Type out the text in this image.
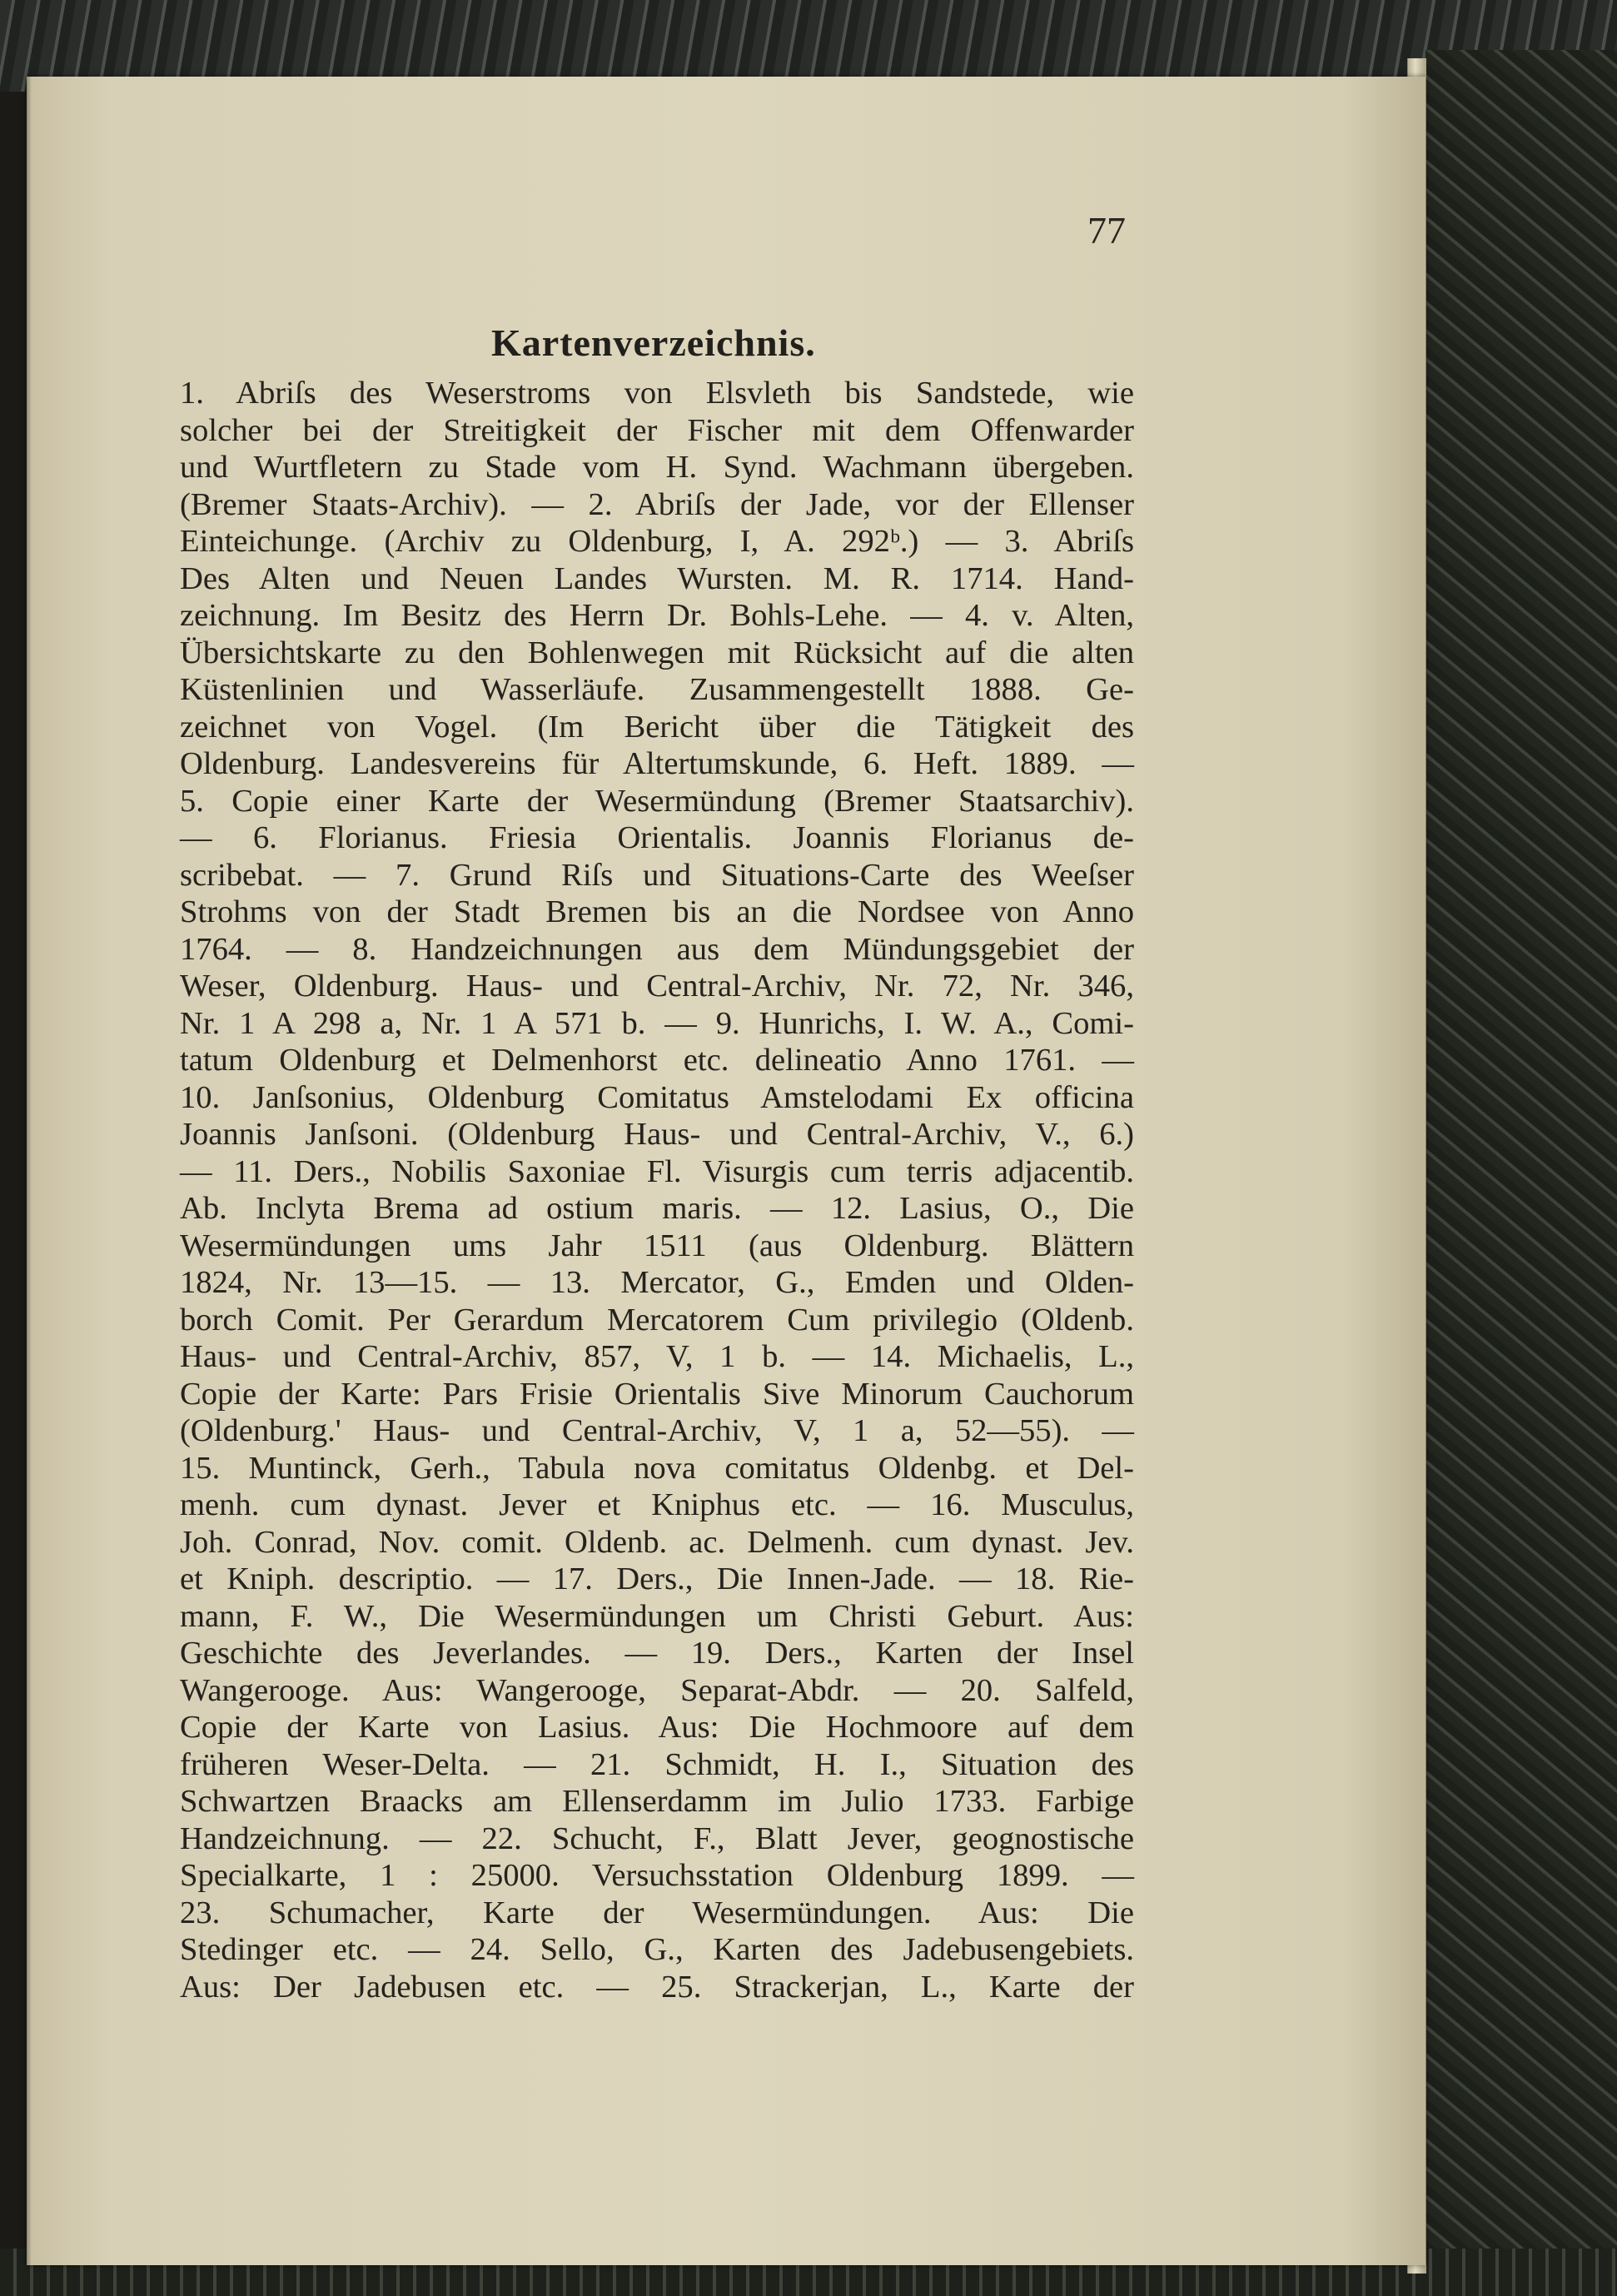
77
Kartenverzeichnis.
1. Abriſs des Weserstroms von Elsvleth bis Sandstede, wie
solcher bei der Streitigkeit der Fischer mit dem Offenwarder
und Wurtfletern zu Stade vom H. Synd. Wachmann übergeben.
(Bremer Staats-Archiv). — 2. Abriſs der Jade, vor der Ellenser
Einteichunge. (Archiv zu Oldenburg, I, A. 292ᵇ.) — 3. Abriſs
Des Alten und Neuen Landes Wursten. M. R. 1714. Hand-
zeichnung. Im Besitz des Herrn Dr. Bohls-Lehe. — 4. v. Alten,
Übersichtskarte zu den Bohlenwegen mit Rücksicht auf die alten
Küstenlinien und Wasserläufe. Zusammengestellt 1888. Ge-
zeichnet von Vogel. (Im Bericht über die Tätigkeit des
Oldenburg. Landesvereins für Altertumskunde, 6. Heft. 1889. —
5. Copie einer Karte der Wesermündung (Bremer Staatsarchiv).
— 6. Florianus. Friesia Orientalis. Joannis Florianus de-
scribebat. — 7. Grund Riſs und Situations-Carte des Weeſser
Strohms von der Stadt Bremen bis an die Nordsee von Anno
1764. — 8. Handzeichnungen aus dem Mündungsgebiet der
Weser, Oldenburg. Haus- und Central-Archiv, Nr. 72, Nr. 346,
Nr. 1 A 298 a, Nr. 1 A 571 b. — 9. Hunrichs, I. W. A., Comi-
tatum Oldenburg et Delmenhorst etc. delineatio Anno 1761. —
10. Janſsonius, Oldenburg Comitatus Amstelodami Ex officina
Joannis Janſsoni. (Oldenburg Haus- und Central-Archiv, V., 6.)
— 11. Ders., Nobilis Saxoniae Fl. Visurgis cum terris adjacentib.
Ab. Inclyta Brema ad ostium maris. — 12. Lasius, O., Die
Wesermündungen ums Jahr 1511 (aus Oldenburg. Blättern
1824, Nr. 13—15. — 13. Mercator, G., Emden und Olden-
borch Comit. Per Gerardum Mercatorem Cum privilegio (Oldenb.
Haus- und Central-Archiv, 857, V, 1 b. — 14. Michaelis, L.,
Copie der Karte: Pars Frisie Orientalis Sive Minorum Cauchorum
(Oldenburg.' Haus- und Central-Archiv, V, 1 a, 52—55). —
15. Muntinck, Gerh., Tabula nova comitatus Oldenbg. et Del-
menh. cum dynast. Jever et Kniphus etc. — 16. Musculus,
Joh. Conrad, Nov. comit. Oldenb. ac. Delmenh. cum dynast. Jev.
et Kniph. descriptio. — 17. Ders., Die Innen-Jade. — 18. Rie-
mann, F. W., Die Wesermündungen um Christi Geburt. Aus:
Geschichte des Jeverlandes. — 19. Ders., Karten der Insel
Wangerooge. Aus: Wangerooge, Separat-Abdr. — 20. Salfeld,
Copie der Karte von Lasius. Aus: Die Hochmoore auf dem
früheren Weser-Delta. — 21. Schmidt, H. I., Situation des
Schwartzen Braacks am Ellenserdamm im Julio 1733. Farbige
Handzeichnung. — 22. Schucht, F., Blatt Jever, geognostische
Specialkarte, 1 : 25000. Versuchsstation Oldenburg 1899. —
23. Schumacher, Karte der Wesermündungen. Aus: Die
Stedinger etc. — 24. Sello, G., Karten des Jadebusengebiets.
Aus: Der Jadebusen etc. — 25. Strackerjan, L., Karte der
